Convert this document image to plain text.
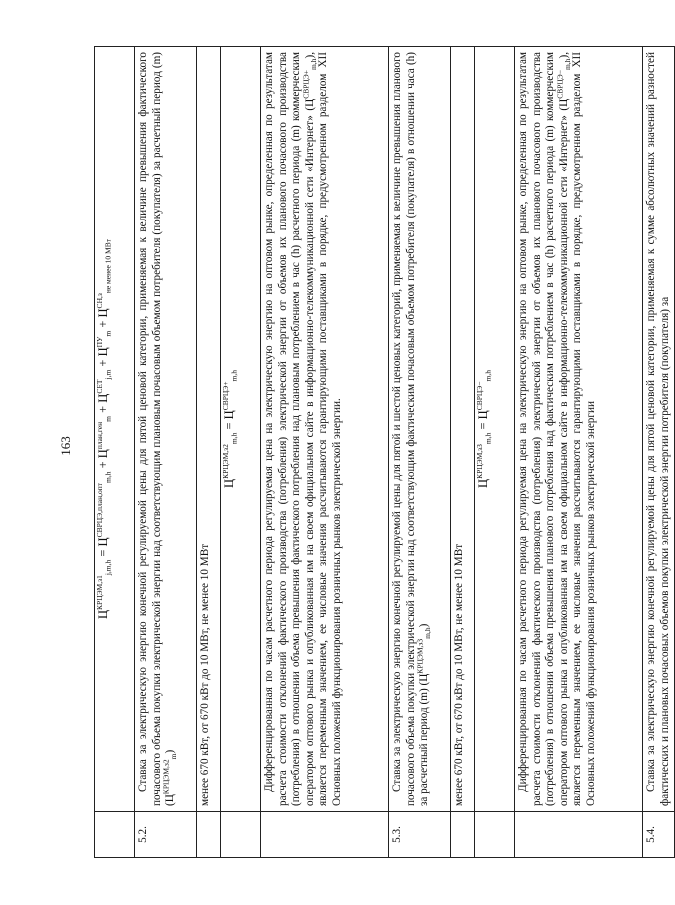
163
	$Ц^{КРЦЭМ,з1}_{j,m,h} = Ц^{СВРЦЭ,план,опт}_{m,h} + Ц^{план,ген}_m + Ц^{СЕТ}_{j,m} + Ц^{ПУ}_m + Ц^{СН,з}_{не менее 10 МВт}$
5.2.	Ставка за электрическую энергию конечной регулируемой цены для пятой ценовой категории, применяемая к величине превышения фактического почасового объема покупки электрической энергии над соответствующим плановым почасовым объемом потребителя (покупателя) за расчетный период (m) $(Ц^{КРЦЭМ,з2}_m)$
	менее 670 кВт, от 670 кВт до 10 МВт, не менее 10 МВт
	$Ц^{КРЦЭМ,з2}_{m,h} = Ц^{СВРЦЭ+}_{m,h}$
	Дифференцированная по часам расчетного периода регулируемая цена на электрическую энергию на оптовом рынке, определенная по результатам расчета стоимости отклонений фактического производства (потребления) электрической энергии от объемов их планового почасового производства (потребления) в отношении объема превышения фактического потребления над плановым потреблением в час (h) расчетного периода (m) коммерческим оператором оптового рынка и опубликованная им на своем официальном сайте в информационно-телекоммуникационной сети «Интернет» $(Ц^{СВРЦЭ+}_{m,h})$, является переменным значением, ее числовые значения рассчитываются гарантирующими поставщиками в порядке, предусмотренном разделом XII Основных положений функционирования розничных рынков электрической энергии.
5.3.	Ставка за электрическую энергию конечной регулируемой цены для пятой и шестой ценовых категорий, применяемая к величине превышения планового почасового объема покупки электрической энергии над соответствующим фактическим почасовым объемом потребителя (покупателя) в отношении часа (h) за расчетный период (m) $(Ц^{КРЦЭМ,з3}_{m,h})$
	менее 670 кВт, от 670 кВт до 10 МВт, не менее 10 МВт
	$Ц^{КРЦЭМ,з3}_{m,h} = Ц^{СВРЦЭ-}_{m,h}$
	Дифференцированная по часам расчетного периода регулируемая цена на электрическую энергию на оптовом рынке, определенная по результатам расчета стоимости отклонений фактического производства (потребления) электрической энергии от объемов их планового почасового производства (потребления) в отношении объема превышения планового потребления над фактическим потреблением в час (h) расчетного периода (m) коммерческим оператором оптового рынка и опубликованная им на своем официальном сайте в информационно-телекоммуникационной сети «Интернет» $(Ц^{СВРЦЭ-}_{m,h})$, является переменным значением, ее числовые значения рассчитываются гарантирующими поставщиками в порядке, предусмотренном разделом XII Основных положений функционирования розничных рынков электрической энергии
5.4.	Ставка за электрическую энергию конечной регулируемой цены для пятой ценовой категории, применяемая к сумме абсолютных значений разностей фактических и плановых почасовых объемов покупки электрической энергии потребителя (покупателя) за
